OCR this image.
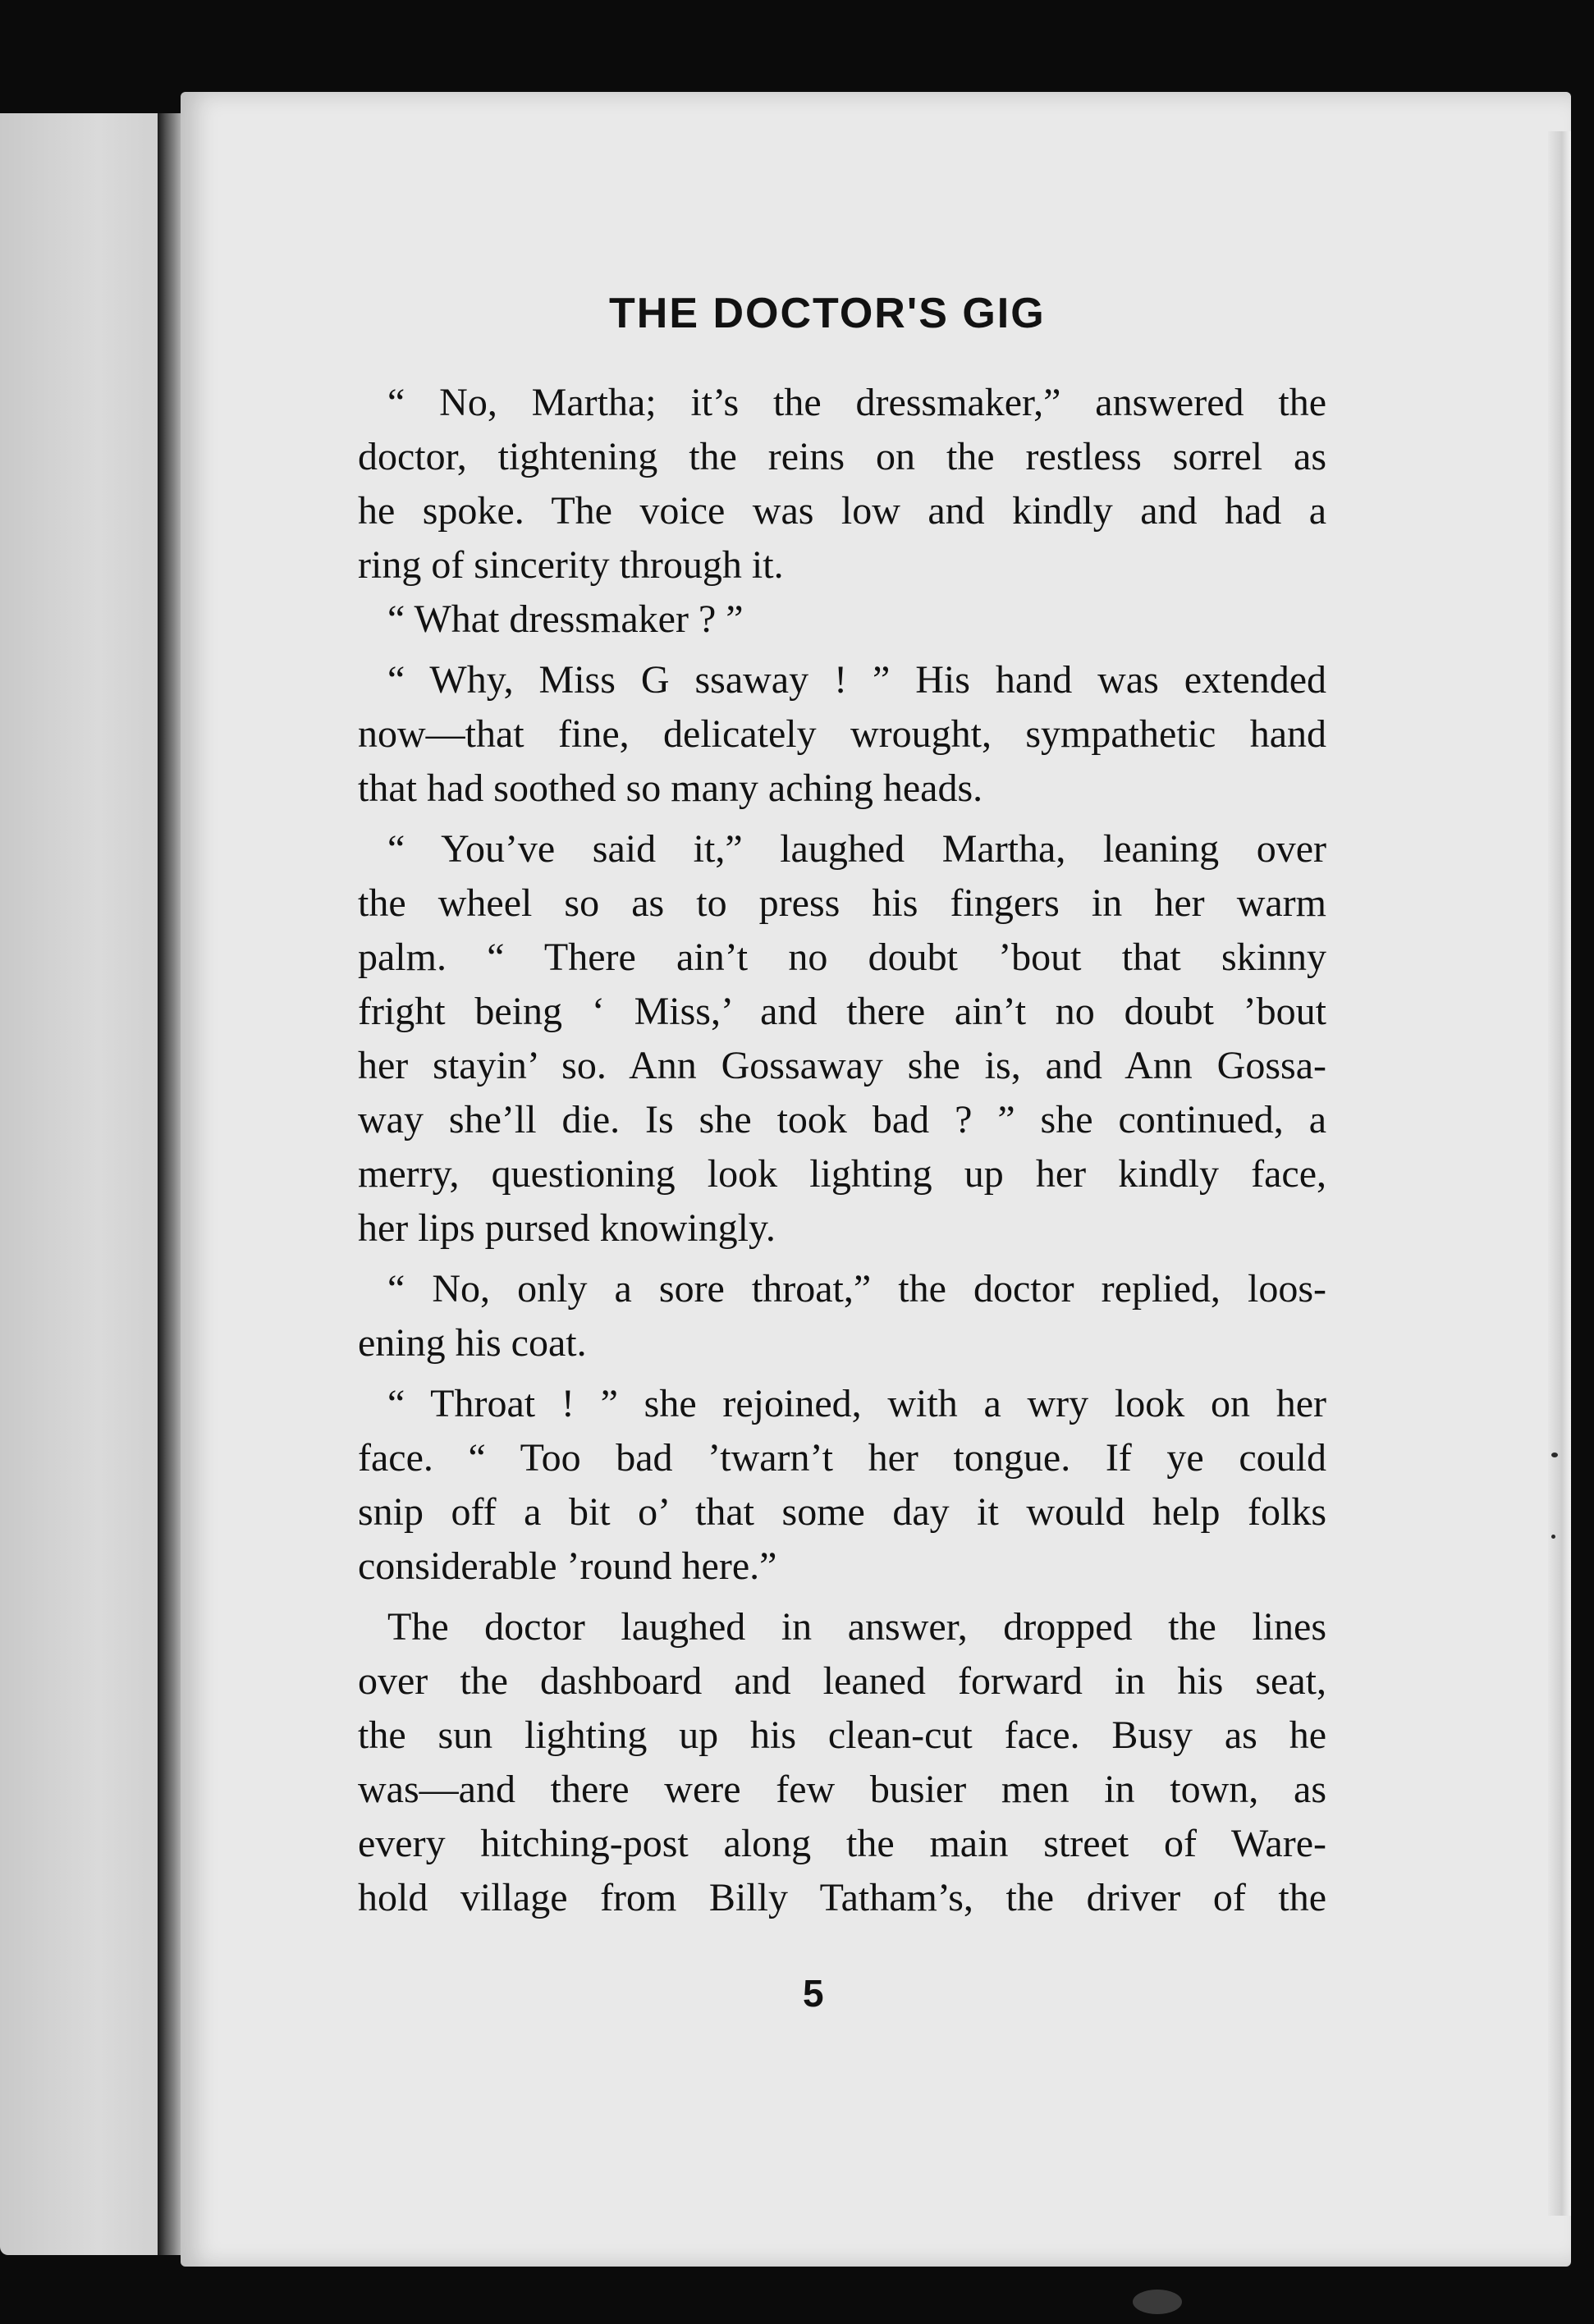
THE DOCTOR'S GIG
“ No, Martha; it’s the dressmaker,” answered the
doctor, tightening the reins on the restless sorrel as
he spoke. The voice was low and kindly and had a
ring of sincerity through it.
“ What dressmaker ? ”
“ Why, Miss G ssaway ! ” His hand was extended
now—that fine, delicately wrought, sympathetic hand
that had soothed so many aching heads.
“ You’ve said it,” laughed Martha, leaning over
the wheel so as to press his fingers in her warm
palm. “ There ain’t no doubt ’bout that skinny
fright being ‘ Miss,’ and there ain’t no doubt ’bout
her stayin’ so. Ann Gossaway she is, and Ann Gossa-
way she’ll die. Is she took bad ? ” she continued, a
merry, questioning look lighting up her kindly face,
her lips pursed knowingly.
“ No, only a sore throat,” the doctor replied, loos-
ening his coat.
“ Throat ! ” she rejoined, with a wry look on her
face. “ Too bad ’twarn’t her tongue. If ye could
snip off a bit o’ that some day it would help folks
considerable ’round here.”
The doctor laughed in answer, dropped the lines
over the dashboard and leaned forward in his seat,
the sun lighting up his clean-cut face. Busy as he
was—and there were few busier men in town, as
every hitching-post along the main street of Ware-
hold village from Billy Tatham’s, the driver of the
5
